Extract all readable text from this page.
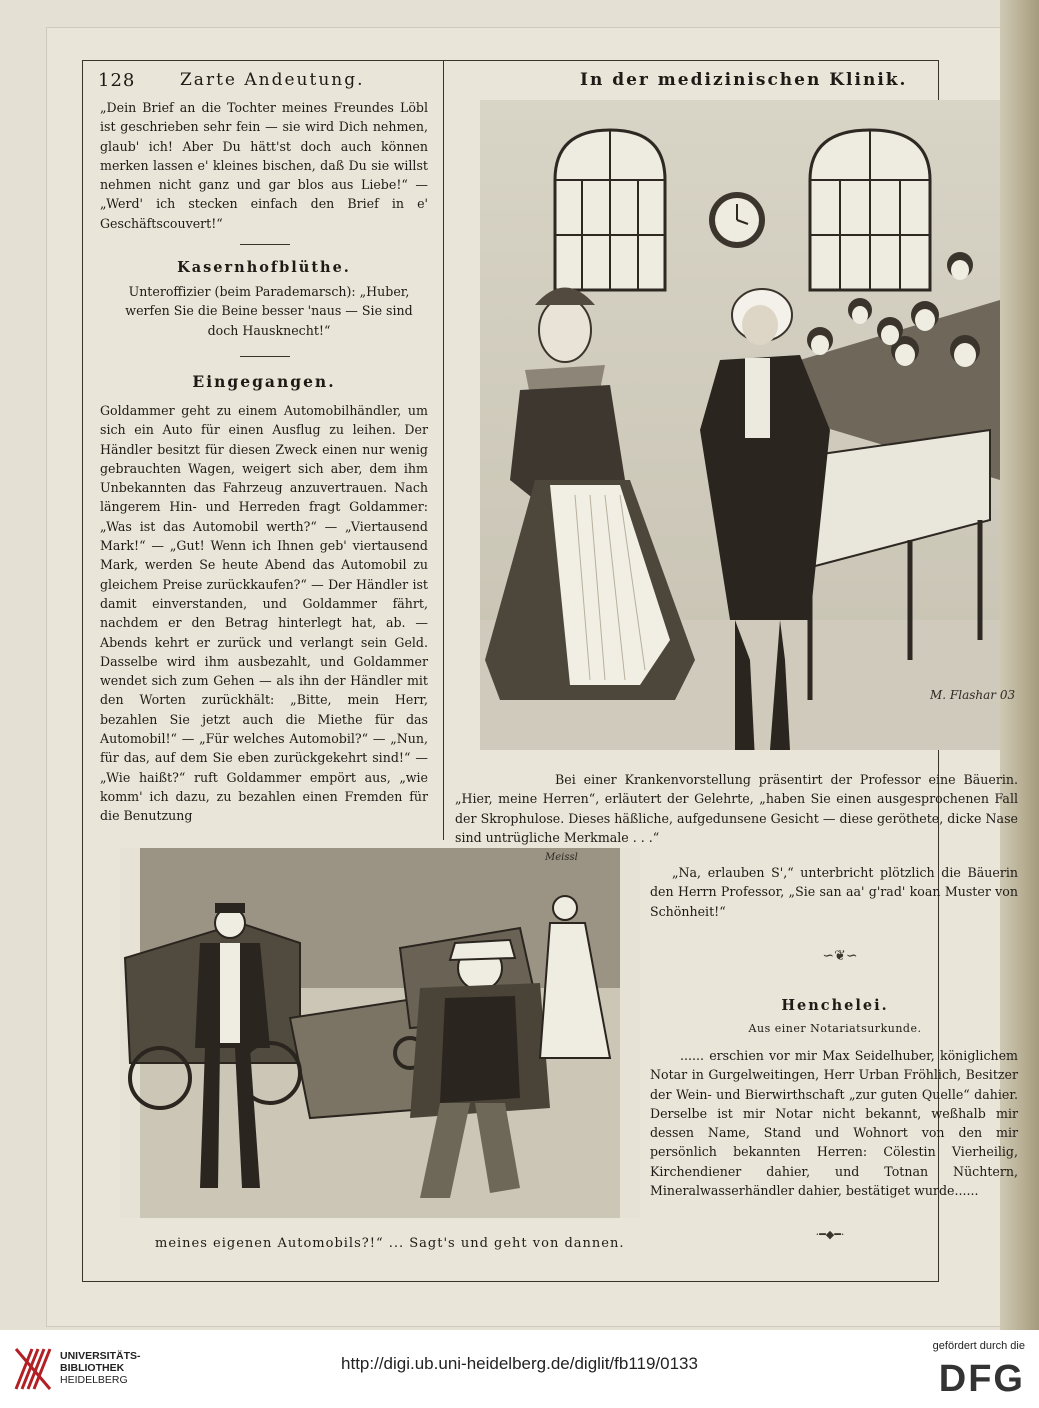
128	Zarte Andeutung.	In der medizinischen Klinik.
„Dein Brief an die Tochter meines Freundes Löbl ist geschrieben sehr fein — sie wird Dich nehmen, glaub' ich! Aber Du hätt'st doch auch können merken lassen e' kleines bischen, daß Du sie willst nehmen nicht ganz und gar blos aus Liebe!“ — „Werd' ich stecken einfach den Brief in e' Geschäftscouvert!“
Kasernhofblüthe.
Unteroffizier (beim Parademarsch): „Huber, werfen Sie die Beine besser 'naus — Sie sind doch Hausknecht!“
Eingegangen.
Goldammer geht zu einem Automobilhändler, um sich ein Auto für einen Ausflug zu leihen. Der Händler besitzt für diesen Zweck einen nur wenig gebrauchten Wagen, weigert sich aber, dem ihm Unbekannten das Fahrzeug anzuvertrauen. Nach längerem Hin- und Herreden fragt Goldammer: „Was ist das Automobil werth?“ — „Viertausend Mark!“ — „Gut! Wenn ich Ihnen geb' viertausend Mark, werden Se heute Abend das Automobil zu gleichem Preise zurückkaufen?“ — Der Händler ist damit einverstanden, und Goldammer fährt, nachdem er den Betrag hinterlegt hat, ab. — Abends kehrt er zurück und verlangt sein Geld. Dasselbe wird ihm ausbezahlt, und Goldammer wendet sich zum Gehen — als ihn der Händler mit den Worten zurückhält: „Bitte, mein Herr, bezahlen Sie jetzt auch die Miethe für das Automobil!“ — „Für welches Automobil?“ — „Nun, für das, auf dem Sie eben zurückgekehrt sind!“ — „Wie haißt?“ ruft Goldammer empört aus, „wie komm' ich dazu, zu bezahlen einen Fremden für die Benutzung
M. Flashar 03
Bei einer Krankenvorstellung präsentirt der Professor eine Bäuerin. „Hier, meine Herren“, erläutert der Gelehrte, „haben Sie einen ausgesprochenen Fall der Skrophulose. Dieses häßliche, aufgedunsene Gesicht — diese geröthete, dicke Nase sind untrügliche Merkmale . . .“
„Na, erlauben S',“ unterbricht plötzlich die Bäuerin den Herrn Professor, „Sie san aa' g'rad' koan Muster von Schönheit!“
∽❦∽
Henchelei.
Aus einer Notariatsurkunde.
...... erschien vor mir Max Seidelhuber, königlichem Notar in Gurgelweitingen, Herr Urban Fröhlich, Besitzer der Wein- und Bierwirthschaft „zur guten Quelle“ dahier. Derselbe ist mir Notar nicht bekannt, weßhalb mir dessen Name, Stand und Wohnort von den mir persönlich bekannten Herren: Cölestin Vierheilig, Kirchendiener dahier, und Totnan Nüchtern, Mineralwasserhändler dahier, bestätiget wurde......
·━◆━·
Meissl
meines eigenen Automobils?!“ ... Sagt's und geht von dannen.
UNIVERSITÄTS-
BIBLIOTHEK
HEIDELBERG
http://digi.ub.uni-heidelberg.de/diglit/fb119/0133
gefördert durch die
DFG
